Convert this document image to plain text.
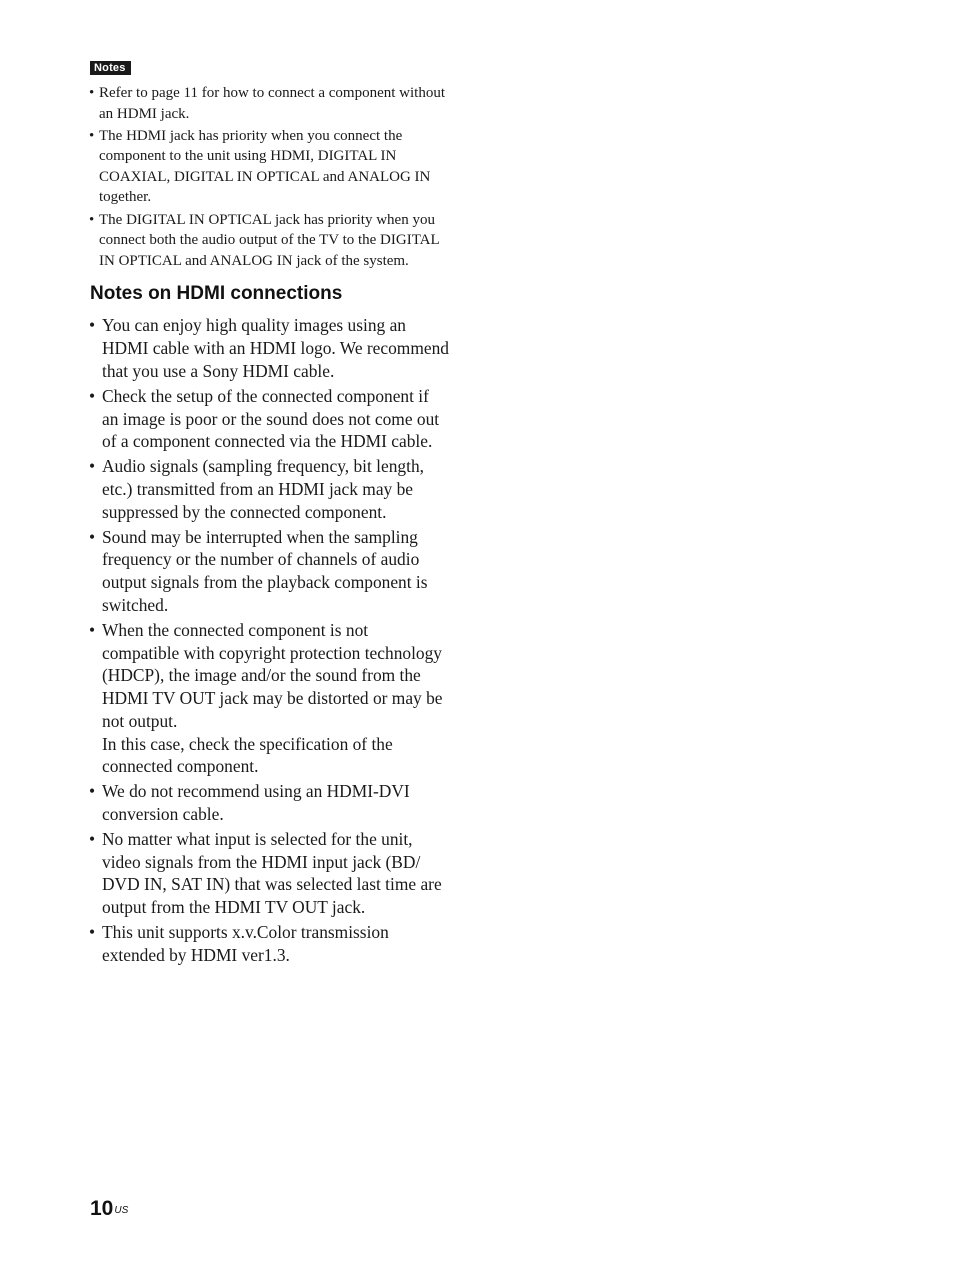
Notes
• Refer to page 11 for how to connect a component without an HDMI jack.
• The HDMI jack has priority when you connect the component to the unit using HDMI, DIGITAL IN COAXIAL, DIGITAL IN OPTICAL and ANALOG IN together.
• The DIGITAL IN OPTICAL jack has priority when you connect both the audio output of the TV to the DIGITAL IN OPTICAL and ANALOG IN jack of the system.
Notes on HDMI connections
• You can enjoy high quality images using an HDMI cable with an HDMI logo. We recommend that you use a Sony HDMI cable.
• Check the setup of the connected component if an image is poor or the sound does not come out of a component connected via the HDMI cable.
• Audio signals (sampling frequency, bit length, etc.) transmitted from an HDMI jack may be suppressed by the connected component.
• Sound may be interrupted when the sampling frequency or the number of channels of audio output signals from the playback component is switched.
• When the connected component is not compatible with copyright protection technology (HDCP), the image and/or the sound from the HDMI TV OUT jack may be distorted or may be not output.
In this case, check the specification of the connected component.
• We do not recommend using an HDMI-DVI conversion cable.
• No matter what input is selected for the unit, video signals from the HDMI input jack (BD/ DVD IN, SAT IN) that was selected last time are output from the HDMI TV OUT jack.
• This unit supports x.v.Color transmission extended by HDMI ver1.3.
$10^{US}$
